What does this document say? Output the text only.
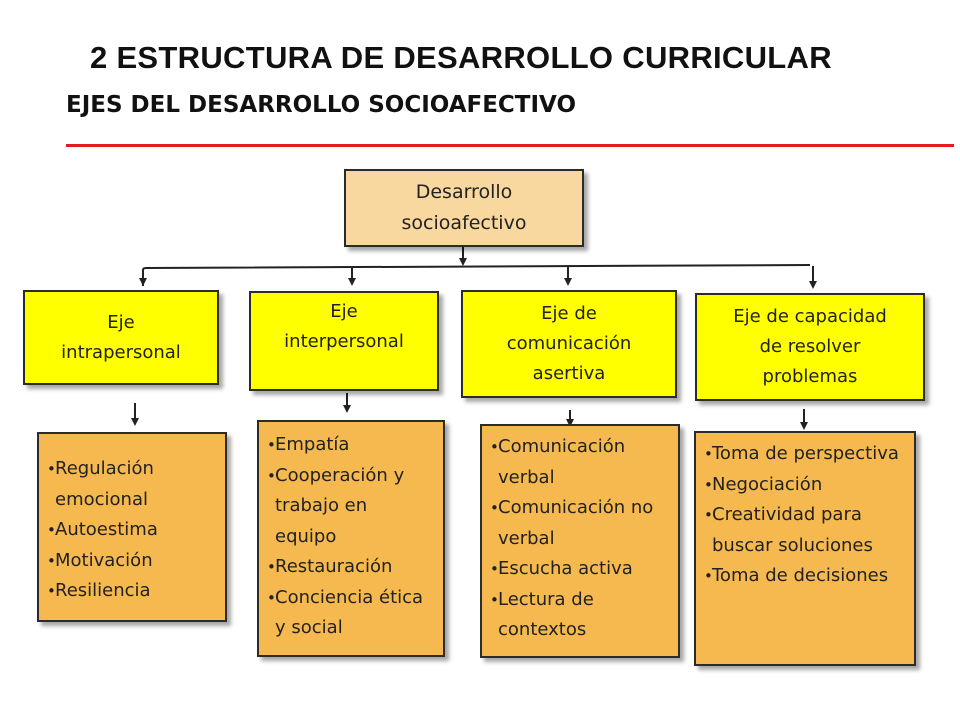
2 ESTRUCTURA DE DESARROLLO CURRICULAR
EJES DEL DESARROLLO SOCIOAFECTIVO
Desarrollo
socioafectivo
Eje
intrapersonal
Eje
interpersonal
Eje de
comunicación
asertiva
Eje de capacidad
de resolver
problemas
• Regulación emocional
• Autoestima
• Motivación
• Resiliencia
• Empatía
• Cooperación y trabajo en equipo
• Restauración
• Conciencia ética y social
• Comunicación verbal
• Comunicación no verbal
• Escucha activa
• Lectura de contextos
• Toma de perspectiva
• Negociación
• Creatividad para buscar soluciones
• Toma de decisiones
